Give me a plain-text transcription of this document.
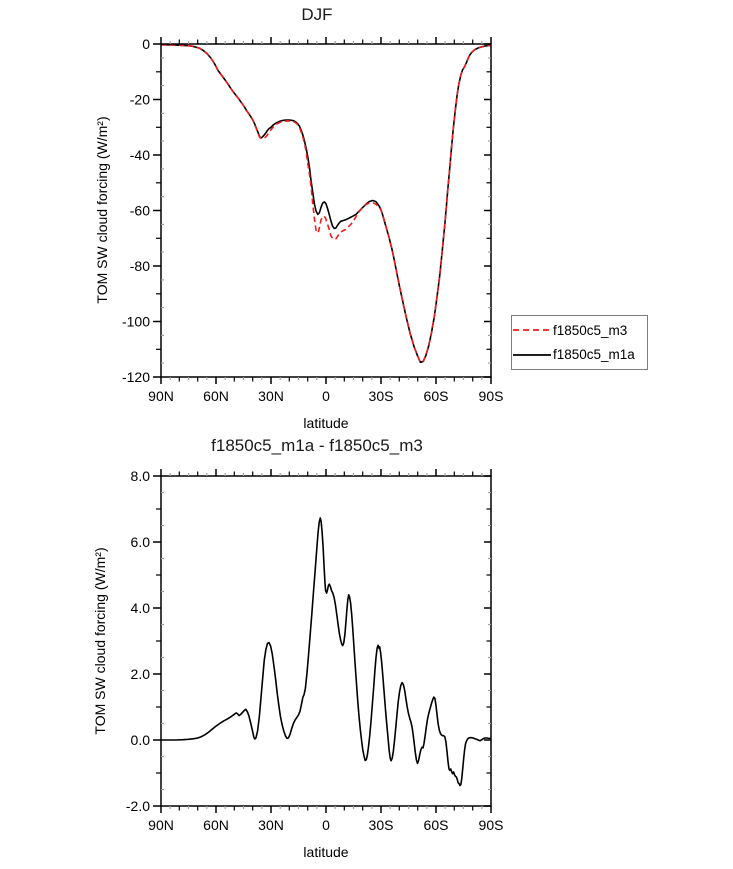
90N 60N 30N	0	30S 60S 90S
0
-20
-40
-60
-80
-100
-120
90N 60N 30N	0	30S 60S 90S
8.0
6.0
4.0
2.0
0.0
-2.0
DJF
TOM SW cloud forcing (W/m²)
latitude
f1850c5_m3
f1850c5_m1a
f1850c5_m1a - f1850c5_m3
TOM SW cloud forcing (W/m²)
latitude
